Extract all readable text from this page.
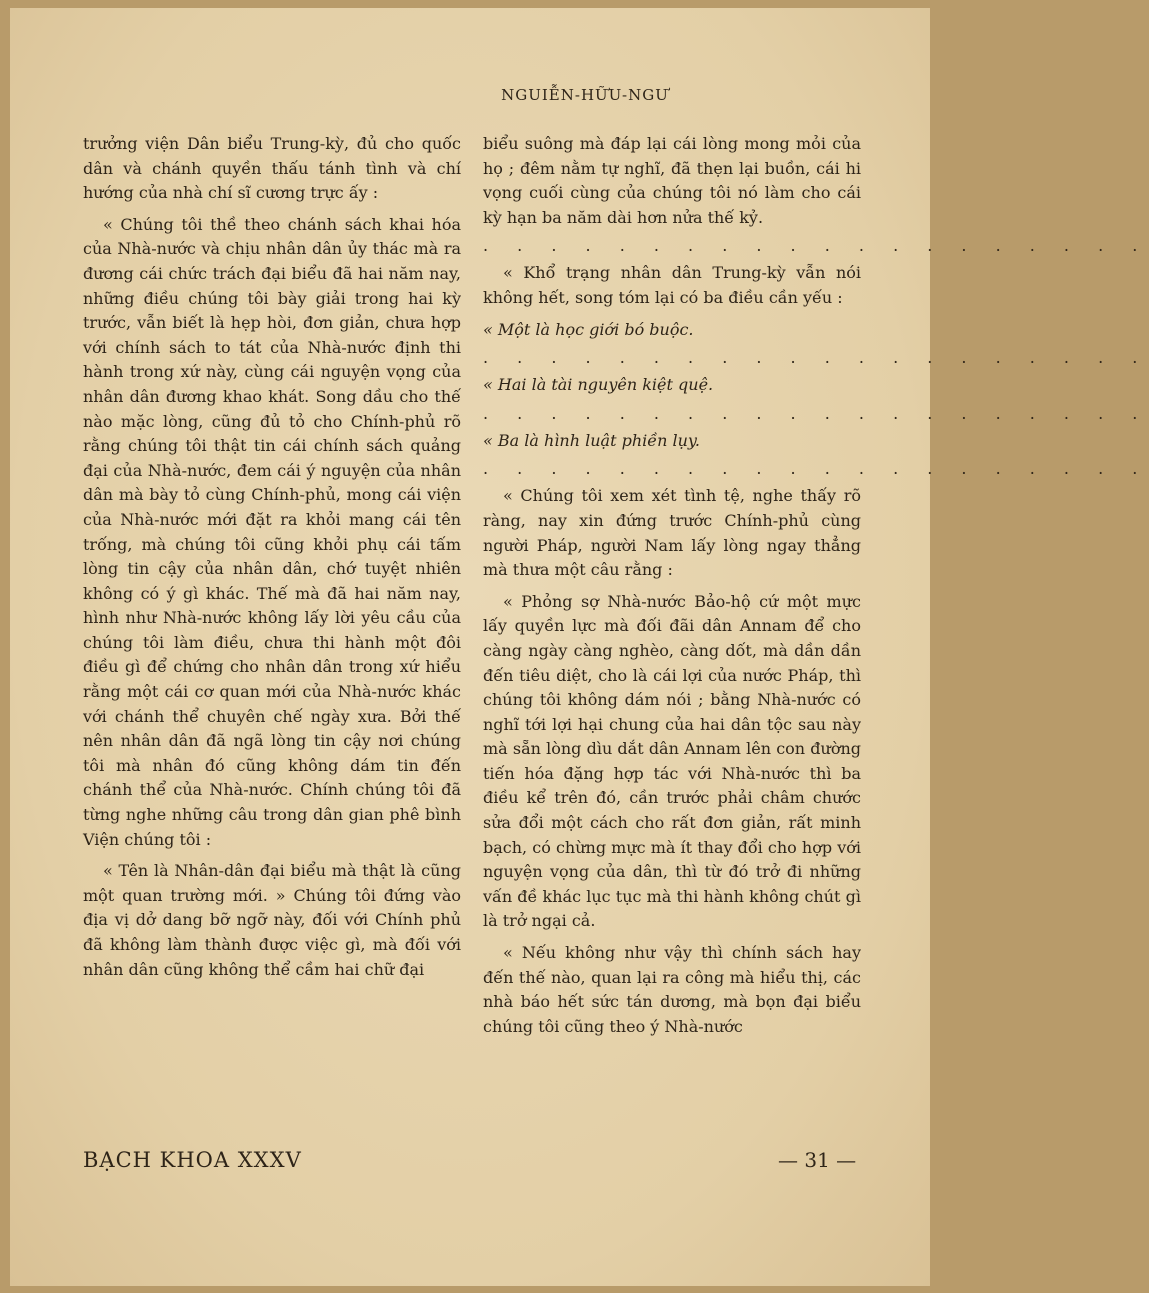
NGUIỄN-HỮU-NGƯ

trưởng viện Dân biểu Trung-kỳ, đủ cho quốc dân và chánh quyền thấu tánh tình và chí hướng của nhà chí sĩ cương trực ấy :

« Chúng tôi thề theo chánh sách khai hóa của Nhà-nước và chịu nhân dân ủy thác mà ra đương cái chức trách đại biểu đã hai năm nay, những điều chúng tôi bày giải trong hai kỳ trước, vẫn biết là hẹp hòi, đơn giản, chưa hợp với chính sách to tát của Nhà-nước định thi hành trong xứ này, cùng cái nguyện vọng của nhân dân đương khao khát. Song dầu cho thế nào mặc lòng, cũng đủ tỏ cho Chính-phủ rõ rằng chúng tôi thật tin cái chính sách quảng đại của Nhà-nước, đem cái ý nguyện của nhân dân mà bày tỏ cùng Chính-phủ, mong cái viện của Nhà-nước mới đặt ra khỏi mang cái tên trống, mà chúng tôi cũng khỏi phụ cái tấm lòng tin cậy của nhân dân, chớ tuyệt nhiên không có ý gì khác. Thế mà đã hai năm nay, hình như Nhà-nước không lấy lời yêu cầu của chúng tôi làm điều, chưa thi hành một đôi điều gì để chứng cho nhân dân trong xứ hiểu rằng một cái cơ quan mới của Nhà-nước khác với chánh thể chuyên chế ngày xưa. Bởi thế nên nhân dân đã ngã lòng tin cậy nơi chúng tôi mà nhân đó cũng không dám tin đến chánh thể của Nhà-nước. Chính chúng tôi đã từng nghe những câu trong dân gian phê bình Viện chúng tôi :

« Tên là Nhân-dân đại biểu mà thật là cũng một quan trường mới. » Chúng tôi đứng vào địa vị dở dang bỡ ngỡ này, đối với Chính phủ đã không làm thành được việc gì, mà đối với nhân dân cũng không thể cầm hai chữ đại

biểu suông mà đáp lại cái lòng mong mỏi của họ ; đêm nằm tự nghĩ, đã thẹn lại buồn, cái hi vọng cuối cùng của chúng tôi nó làm cho cái kỳ hạn ba năm dài hơn nửa thế kỷ.

. . . . . . . . . . . . . . . . . . . .

« Khổ trạng nhân dân Trung-kỳ vẫn nói không hết, song tóm lại có ba điều cần yếu :

« Một là học giới bó buộc.

. . . . . . . . . . . . . . . . . . . .

« Hai là tài nguyên kiệt quệ.

. . . . . . . . . . . . . . . . . . . .

« Ba là hình luật phiền lụy.

. . . . . . . . . . . . . . . . . . . .

« Chúng tôi xem xét tình tệ, nghe thấy rõ ràng, nay xin đứng trước Chính-phủ cùng người Pháp, người Nam lấy lòng ngay thẳng mà thưa một câu rằng :

« Phỏng sợ Nhà-nước Bảo-hộ cứ một mực lấy quyền lực mà đối đãi dân Annam để cho càng ngày càng nghèo, càng dốt, mà dần dần đến tiêu diệt, cho là cái lợi của nước Pháp, thì chúng tôi không dám nói ; bằng Nhà-nước có nghĩ tới lợi hại chung của hai dân tộc sau này mà sẵn lòng dìu dắt dân Annam lên con đường tiến hóa đặng hợp tác với Nhà-nước thì ba điều kể trên đó, cần trước phải châm chước sửa đổi một cách cho rất đơn giản, rất minh bạch, có chừng mực mà ít thay đổi cho hợp với nguyện vọng của dân, thì từ đó trở đi những vấn đề khác lục tục mà thi hành không chút gì là trở ngại cả.

« Nếu không như vậy thì chính sách hay đến thế nào, quan lại ra công mà hiểu thị, các nhà báo hết sức tán dương, mà bọn đại biểu chúng tôi cũng theo ý Nhà-nước

BẠCH KHOA XXXV	— 31 —
